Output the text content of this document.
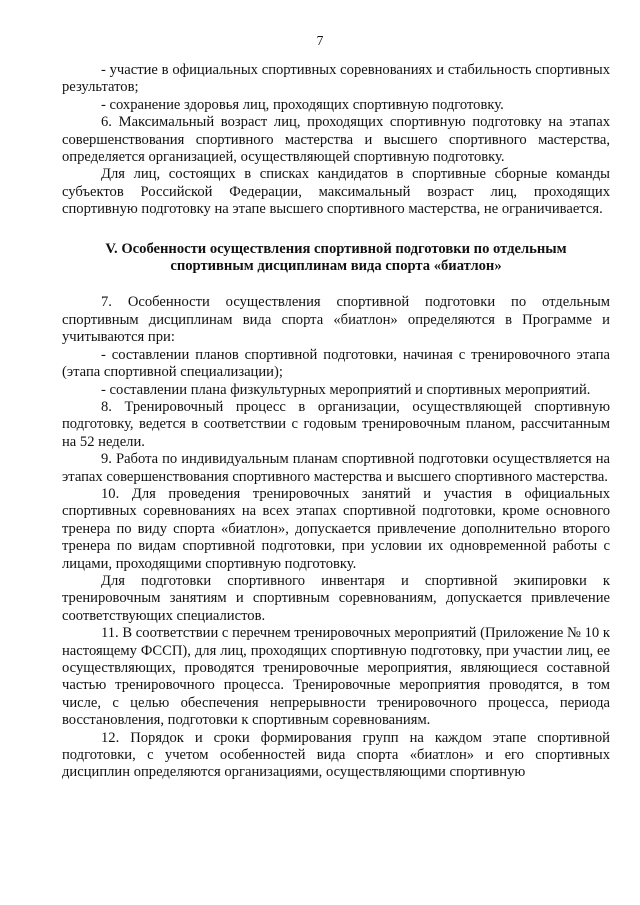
7

- участие в официальных спортивных соревнованиях и стабильность спортивных результатов;

- сохранение здоровья лиц, проходящих спортивную подготовку.

6. Максимальный возраст лиц, проходящих спортивную подготовку на этапах совершенствования спортивного мастерства и высшего спортивного мастерства, определяется организацией, осуществляющей спортивную подготовку.

Для лиц, состоящих в списках кандидатов в спортивные сборные команды субъектов Российской Федерации, максимальный возраст лиц, проходящих спортивную подготовку на этапе высшего спортивного мастерства, не ограничивается.

V. Особенности осуществления спортивной подготовки по отдельным спортивным дисциплинам вида спорта «биатлон»

7. Особенности осуществления спортивной подготовки по отдельным спортивным дисциплинам вида спорта «биатлон» определяются в Программе и учитываются при:

- составлении планов спортивной подготовки, начиная с тренировочного этапа (этапа спортивной специализации);

- составлении плана физкультурных мероприятий и спортивных мероприятий.

8. Тренировочный процесс в организации, осуществляющей спортивную подготовку, ведется в соответствии с годовым тренировочным планом, рассчитанным на 52 недели.

9. Работа по индивидуальным планам спортивной подготовки осуществляется на этапах совершенствования спортивного мастерства и высшего спортивного мастерства.

10. Для проведения тренировочных занятий и участия в официальных спортивных соревнованиях на всех этапах спортивной подготовки, кроме основного тренера по виду спорта «биатлон», допускается привлечение дополнительно второго тренера по видам спортивной подготовки, при условии их одновременной работы с лицами, проходящими спортивную подготовку.

Для подготовки спортивного инвентаря и спортивной экипировки к тренировочным занятиям и спортивным соревнованиям, допускается привлечение соответствующих специалистов.

11. В соответствии с перечнем тренировочных мероприятий (Приложение № 10 к настоящему ФССП), для лиц, проходящих спортивную подготовку, при участии лиц, ее осуществляющих, проводятся тренировочные мероприятия, являющиеся составной частью тренировочного процесса. Тренировочные мероприятия проводятся, в том числе, с целью обеспечения непрерывности тренировочного процесса, периода восстановления, подготовки к спортивным соревнованиям.

12. Порядок и сроки формирования групп на каждом этапе спортивной подготовки, с учетом особенностей вида спорта «биатлон» и его спортивных дисциплин определяются организациями, осуществляющими спортивную
